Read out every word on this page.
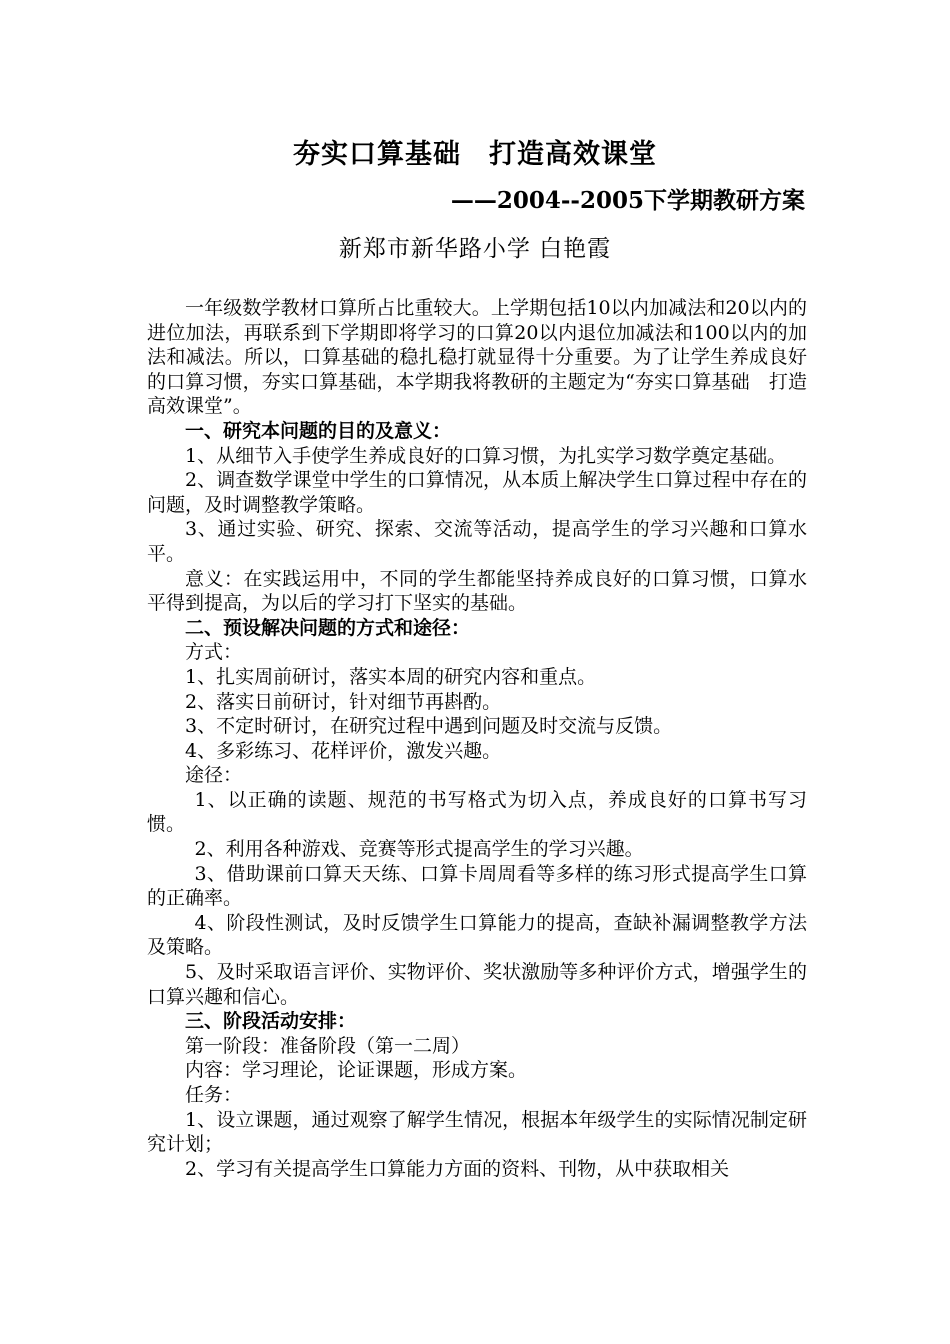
夯实口算基础　打造高效课堂
——2004--2005下学期教研方案
新郑市新华路小学 白艳霞

一年级数学教材口算所占比重较大。上学期包括10以内加减法和20以内的进位加法，再联系到下学期即将学习的口算20以内退位加减法和100以内的加法和减法。所以，口算基础的稳扎稳打就显得十分重要。为了让学生养成良好的口算习惯，夯实口算基础，本学期我将教研的主题定为“夯实口算基础　打造高效课堂”。

一、研究本问题的目的及意义：

1、从细节入手使学生养成良好的口算习惯，为扎实学习数学奠定基础。

2、调查数学课堂中学生的口算情况，从本质上解决学生口算过程中存在的问题，及时调整教学策略。

3、通过实验、研究、探索、交流等活动，提高学生的学习兴趣和口算水平。

意义：在实践运用中，不同的学生都能坚持养成良好的口算习惯，口算水平得到提高，为以后的学习打下坚实的基础。

二、预设解决问题的方式和途径：

方式：

1、扎实周前研讨，落实本周的研究内容和重点。

2、落实日前研讨，针对细节再斟酌。

3、不定时研讨，在研究过程中遇到问题及时交流与反馈。

4、多彩练习、花样评价，激发兴趣。

途径：

1、以正确的读题、规范的书写格式为切入点，养成良好的口算书写习惯。

2、利用各种游戏、竞赛等形式提高学生的学习兴趣。

3、借助课前口算天天练、口算卡周周看等多样的练习形式提高学生口算的正确率。

4、阶段性测试，及时反馈学生口算能力的提高，查缺补漏调整教学方法及策略。

5、及时采取语言评价、实物评价、奖状激励等多种评价方式，增强学生的口算兴趣和信心。

三、阶段活动安排：

第一阶段：准备阶段（第一二周）

内容：学习理论，论证课题，形成方案。

任务：

1、设立课题，通过观察了解学生情况，根据本年级学生的实际情况制定研究计划；

2、学习有关提高学生口算能力方面的资料、刊物，从中获取相关
